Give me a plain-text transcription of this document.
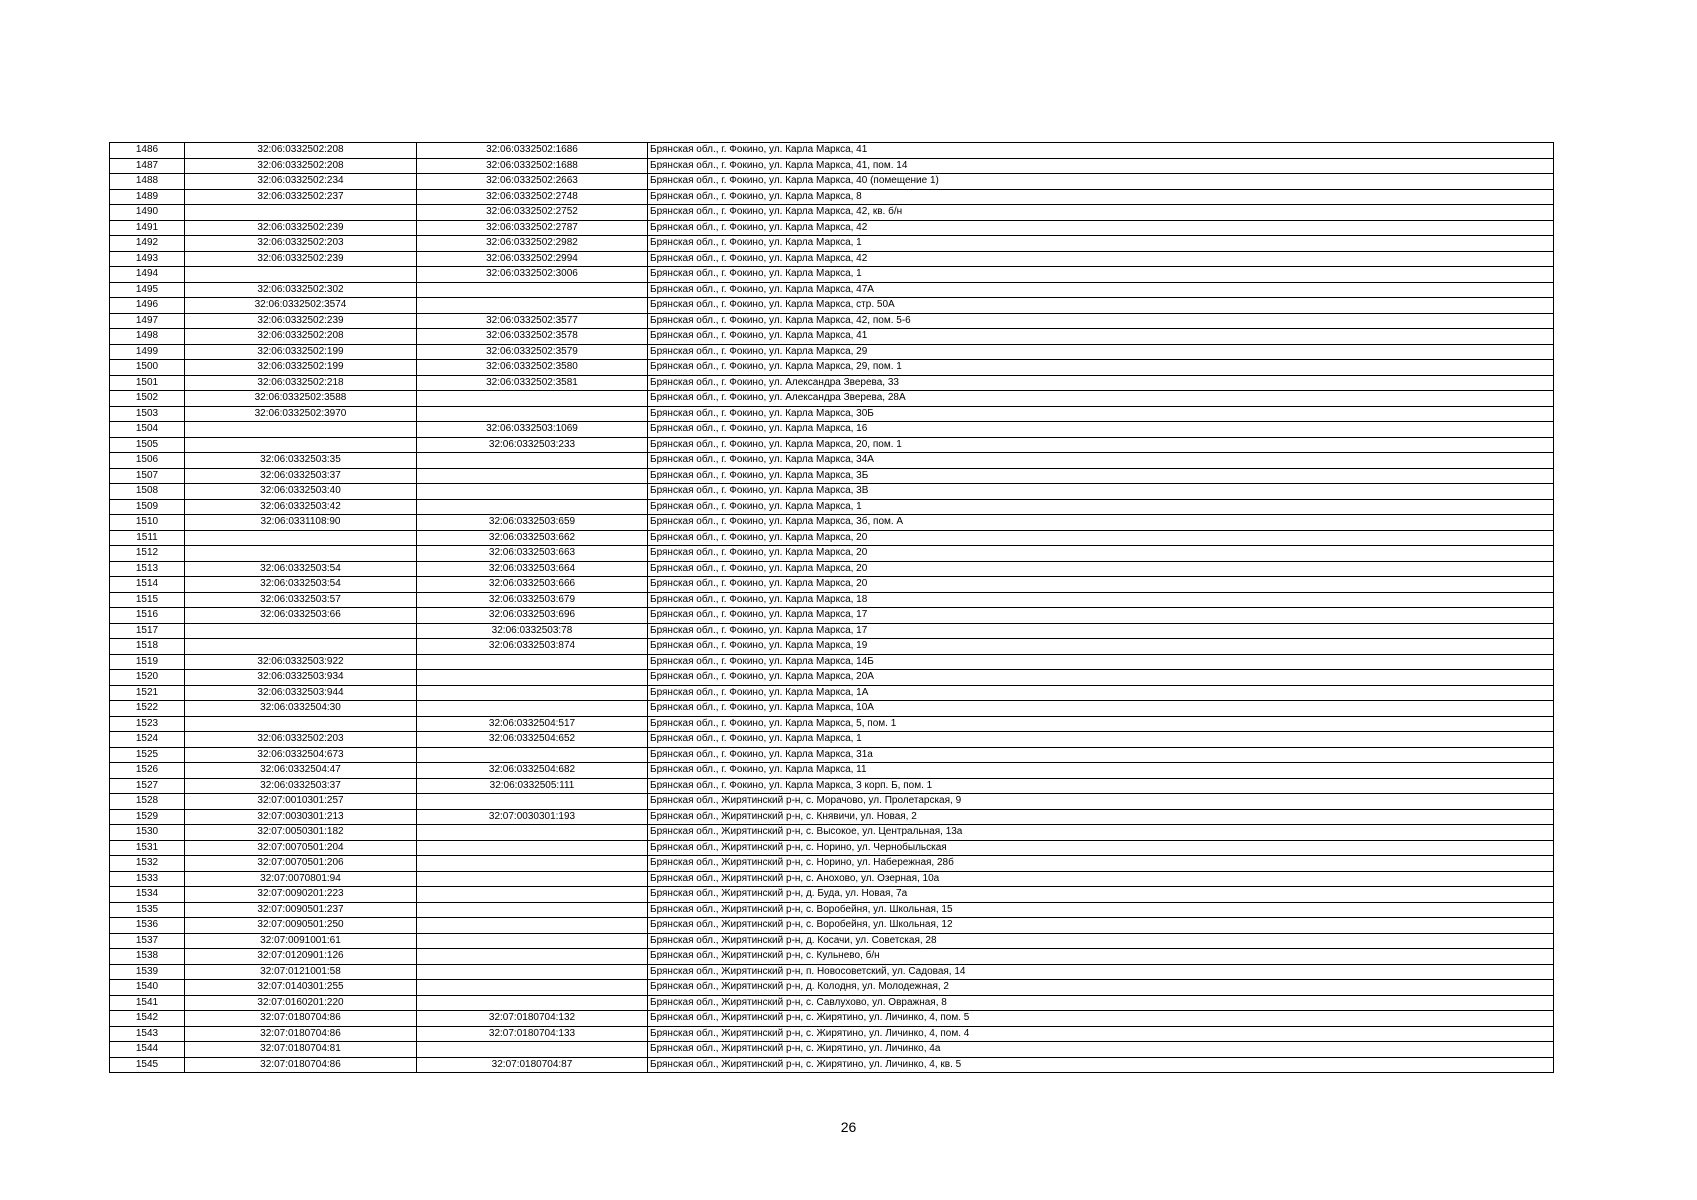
1486	32:06:0332502:208	32:06:0332502:1686	Брянская обл., г. Фокино, ул. Карла Маркса, 41
1487	32:06:0332502:208	32:06:0332502:1688	Брянская обл., г. Фокино, ул. Карла Маркса, 41, пом. 14
1488	32:06:0332502:234	32:06:0332502:2663	Брянская обл., г. Фокино, ул. Карла Маркса, 40 (помещение 1)
1489	32:06:0332502:237	32:06:0332502:2748	Брянская обл., г. Фокино, ул. Карла Маркса, 8
1490		32:06:0332502:2752	Брянская обл., г. Фокино, ул. Карла Маркса, 42, кв. б/н
1491	32:06:0332502:239	32:06:0332502:2787	Брянская обл., г. Фокино, ул. Карла Маркса, 42
1492	32:06:0332502:203	32:06:0332502:2982	Брянская обл., г. Фокино, ул. Карла Маркса, 1
1493	32:06:0332502:239	32:06:0332502:2994	Брянская обл., г. Фокино, ул. Карла Маркса, 42
1494		32:06:0332502:3006	Брянская обл., г. Фокино, ул. Карла Маркса, 1
1495	32:06:0332502:302		Брянская обл., г. Фокино, ул. Карла Маркса, 47А
1496	32:06:0332502:3574		Брянская обл., г. Фокино, ул. Карла Маркса, стр. 50А
1497	32:06:0332502:239	32:06:0332502:3577	Брянская обл., г. Фокино, ул. Карла Маркса, 42, пом. 5-6
1498	32:06:0332502:208	32:06:0332502:3578	Брянская обл., г. Фокино, ул. Карла Маркса, 41
1499	32:06:0332502:199	32:06:0332502:3579	Брянская обл., г. Фокино, ул. Карла Маркса, 29
1500	32:06:0332502:199	32:06:0332502:3580	Брянская обл., г. Фокино, ул. Карла Маркса, 29, пом. 1
1501	32:06:0332502:218	32:06:0332502:3581	Брянская обл., г. Фокино, ул. Александра Зверева, 33
1502	32:06:0332502:3588		Брянская обл., г. Фокино, ул. Александра Зверева, 28А
1503	32:06:0332502:3970		Брянская обл., г. Фокино, ул. Карла Маркса, 30Б
1504		32:06:0332503:1069	Брянская обл., г. Фокино, ул. Карла Маркса, 16
1505		32:06:0332503:233	Брянская обл., г. Фокино, ул. Карла Маркса, 20, пом. 1
1506	32:06:0332503:35		Брянская обл., г. Фокино, ул. Карла Маркса, 34А
1507	32:06:0332503:37		Брянская обл., г. Фокино, ул. Карла Маркса, 3Б
1508	32:06:0332503:40		Брянская обл., г. Фокино, ул. Карла Маркса, 3В
1509	32:06:0332503:42		Брянская обл., г. Фокино, ул. Карла Маркса, 1
1510	32:06:0331108:90	32:06:0332503:659	Брянская обл., г. Фокино, ул. Карла Маркса, 3б, пом. А
1511		32:06:0332503:662	Брянская обл., г. Фокино, ул. Карла Маркса, 20
1512		32:06:0332503:663	Брянская обл., г. Фокино, ул. Карла Маркса, 20
1513	32:06:0332503:54	32:06:0332503:664	Брянская обл., г. Фокино, ул. Карла Маркса, 20
1514	32:06:0332503:54	32:06:0332503:666	Брянская обл., г. Фокино, ул. Карла Маркса, 20
1515	32:06:0332503:57	32:06:0332503:679	Брянская обл., г. Фокино, ул. Карла Маркса, 18
1516	32:06:0332503:66	32:06:0332503:696	Брянская обл., г. Фокино, ул. Карла Маркса, 17
1517		32:06:0332503:78	Брянская обл., г. Фокино, ул. Карла Маркса, 17
1518		32:06:0332503:874	Брянская обл., г. Фокино, ул. Карла Маркса, 19
1519	32:06:0332503:922		Брянская обл., г. Фокино, ул. Карла Маркса, 14Б
1520	32:06:0332503:934		Брянская обл., г. Фокино, ул. Карла Маркса, 20А
1521	32:06:0332503:944		Брянская обл., г. Фокино, ул. Карла Маркса, 1А
1522	32:06:0332504:30		Брянская обл., г. Фокино, ул. Карла Маркса, 10А
1523		32:06:0332504:517	Брянская обл., г. Фокино, ул. Карла Маркса, 5, пом. 1
1524	32:06:0332502:203	32:06:0332504:652	Брянская обл., г. Фокино, ул. Карла Маркса, 1
1525	32:06:0332504:673		Брянская обл., г. Фокино, ул. Карла Маркса, 31а
1526	32:06:0332504:47	32:06:0332504:682	Брянская обл., г. Фокино, ул. Карла Маркса, 11
1527	32:06:0332503:37	32:06:0332505:111	Брянская обл., г. Фокино, ул. Карла Маркса, 3 корп. Б, пом. 1
1528	32:07:0010301:257		Брянская обл., Жирятинский р-н, с. Морачово, ул. Пролетарская, 9
1529	32:07:0030301:213	32:07:0030301:193	Брянская обл., Жирятинский р-н, с. Княвичи, ул. Новая, 2
1530	32:07:0050301:182		Брянская обл., Жирятинский р-н, с. Высокое, ул. Центральная, 13а
1531	32:07:0070501:204		Брянская обл., Жирятинский р-н, с. Норино, ул. Чернобыльская
1532	32:07:0070501:206		Брянская обл., Жирятинский р-н, с. Норино, ул. Набережная, 28б
1533	32:07:0070801:94		Брянская обл., Жирятинский р-н, с. Анохово, ул. Озерная, 10а
1534	32:07:0090201:223		Брянская обл., Жирятинский р-н, д. Буда, ул. Новая, 7а
1535	32:07:0090501:237		Брянская обл., Жирятинский р-н, с. Воробейня, ул. Школьная, 15
1536	32:07:0090501:250		Брянская обл., Жирятинский р-н, с. Воробейня, ул. Школьная, 12
1537	32:07:0091001:61		Брянская обл., Жирятинский р-н, д. Косачи, ул. Советская, 28
1538	32:07:0120901:126		Брянская обл., Жирятинский р-н, с. Кульнево, б/н
1539	32:07:0121001:58		Брянская обл., Жирятинский р-н, п. Новосоветский, ул. Садовая, 14
1540	32:07:0140301:255		Брянская обл., Жирятинский р-н, д. Колодня, ул. Молодежная, 2
1541	32:07:0160201:220		Брянская обл., Жирятинский р-н, с. Савлухово, ул. Овражная, 8
1542	32:07:0180704:86	32:07:0180704:132	Брянская обл., Жирятинский р-н, с. Жирятино, ул. Личинко, 4, пом. 5
1543	32:07:0180704:86	32:07:0180704:133	Брянская обл., Жирятинский р-н, с. Жирятино, ул. Личинко, 4, пом. 4
1544	32:07:0180704:81		Брянская обл., Жирятинский р-н, с. Жирятино, ул. Личинко, 4а
1545	32:07:0180704:86	32:07:0180704:87	Брянская обл., Жирятинский р-н, с. Жирятино, ул. Личинко, 4, кв. 5
26
